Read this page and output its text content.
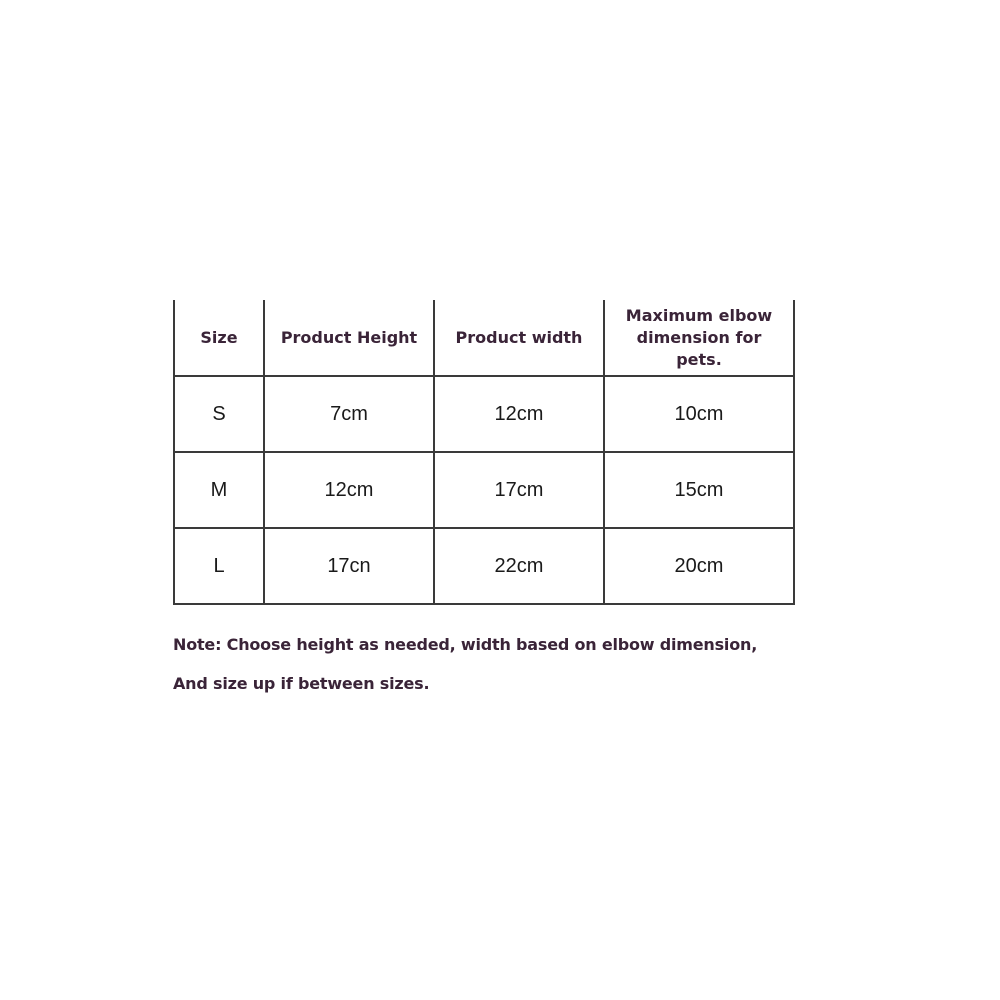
Size	Product Height	Product width	Maximum elbow dimension for pets.
S	7cm	12cm	10cm
M	12cm	17cm	15cm
L	17cn	22cm	20cm
Note: Choose height as needed, width based on elbow dimension,
And size up if between sizes.
